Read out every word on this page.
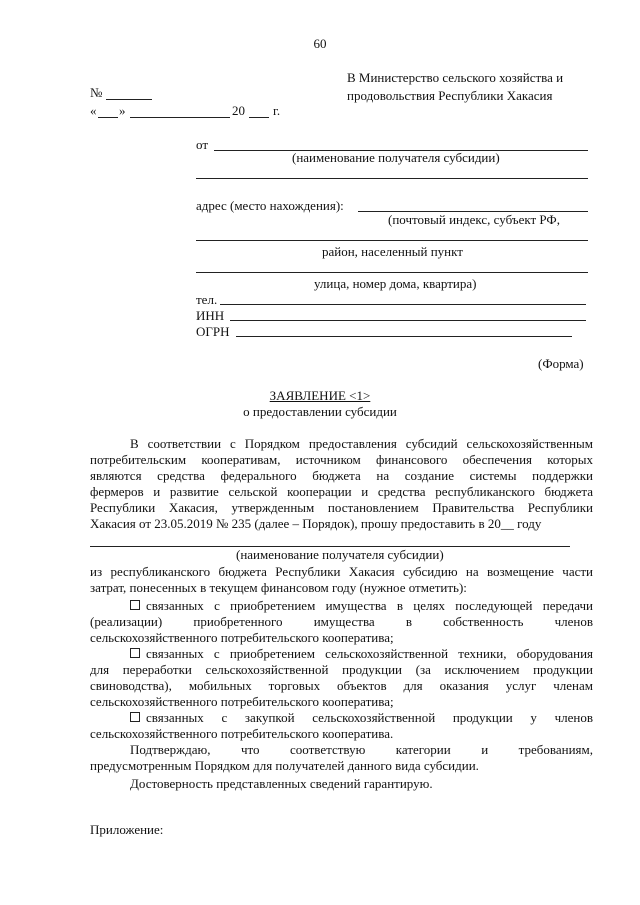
60
В Министерство сельского хозяйства и
продовольствия Республики Хакасия
№
« »	20 г.
от
(наименование получателя субсидии)
адрес (место нахождения):
(почтовый индекс, субъект РФ,
район, населенный пункт
улица, номер дома, квартира)
тел.
ИНН
ОГРН
(Форма)
ЗАЯВЛЕНИЕ <1>
о предоставлении субсидии
В соответствии с Порядком предоставления субсидий сельскохозяйственным
потребительским кооперативам, источником финансового обеспечения которых
являются средства федерального бюджета на создание системы поддержки
фермеров и развитие сельской кооперации и средства республиканского бюджета
Республики Хакасия, утвержденным постановлением Правительства Республики
Хакасия от 23.05.2019 № 235 (далее – Порядок), прошу предоставить в 20__ году
(наименование получателя субсидии)
из республиканского бюджета Республики Хакасия субсидию на возмещение части
затрат, понесенных в текущем финансовом году (нужное отметить):
связанных с приобретением имущества в целях последующей передачи
(реализации) приобретенного имущества в собственность членов
сельскохозяйственного потребительского кооператива;
связанных с приобретением сельскохозяйственной техники, оборудования
для переработки сельскохозяйственной продукции (за исключением продукции
свиноводства), мобильных торговых объектов для оказания услуг членам
сельскохозяйственного потребительского кооператива;
связанных с закупкой сельскохозяйственной продукции у членов
сельскохозяйственного потребительского кооператива.
Подтверждаю, что соответствую категории и требованиям,
предусмотренным Порядком для получателей данного вида субсидии.
Достоверность представленных сведений гарантирую.
Приложение:
